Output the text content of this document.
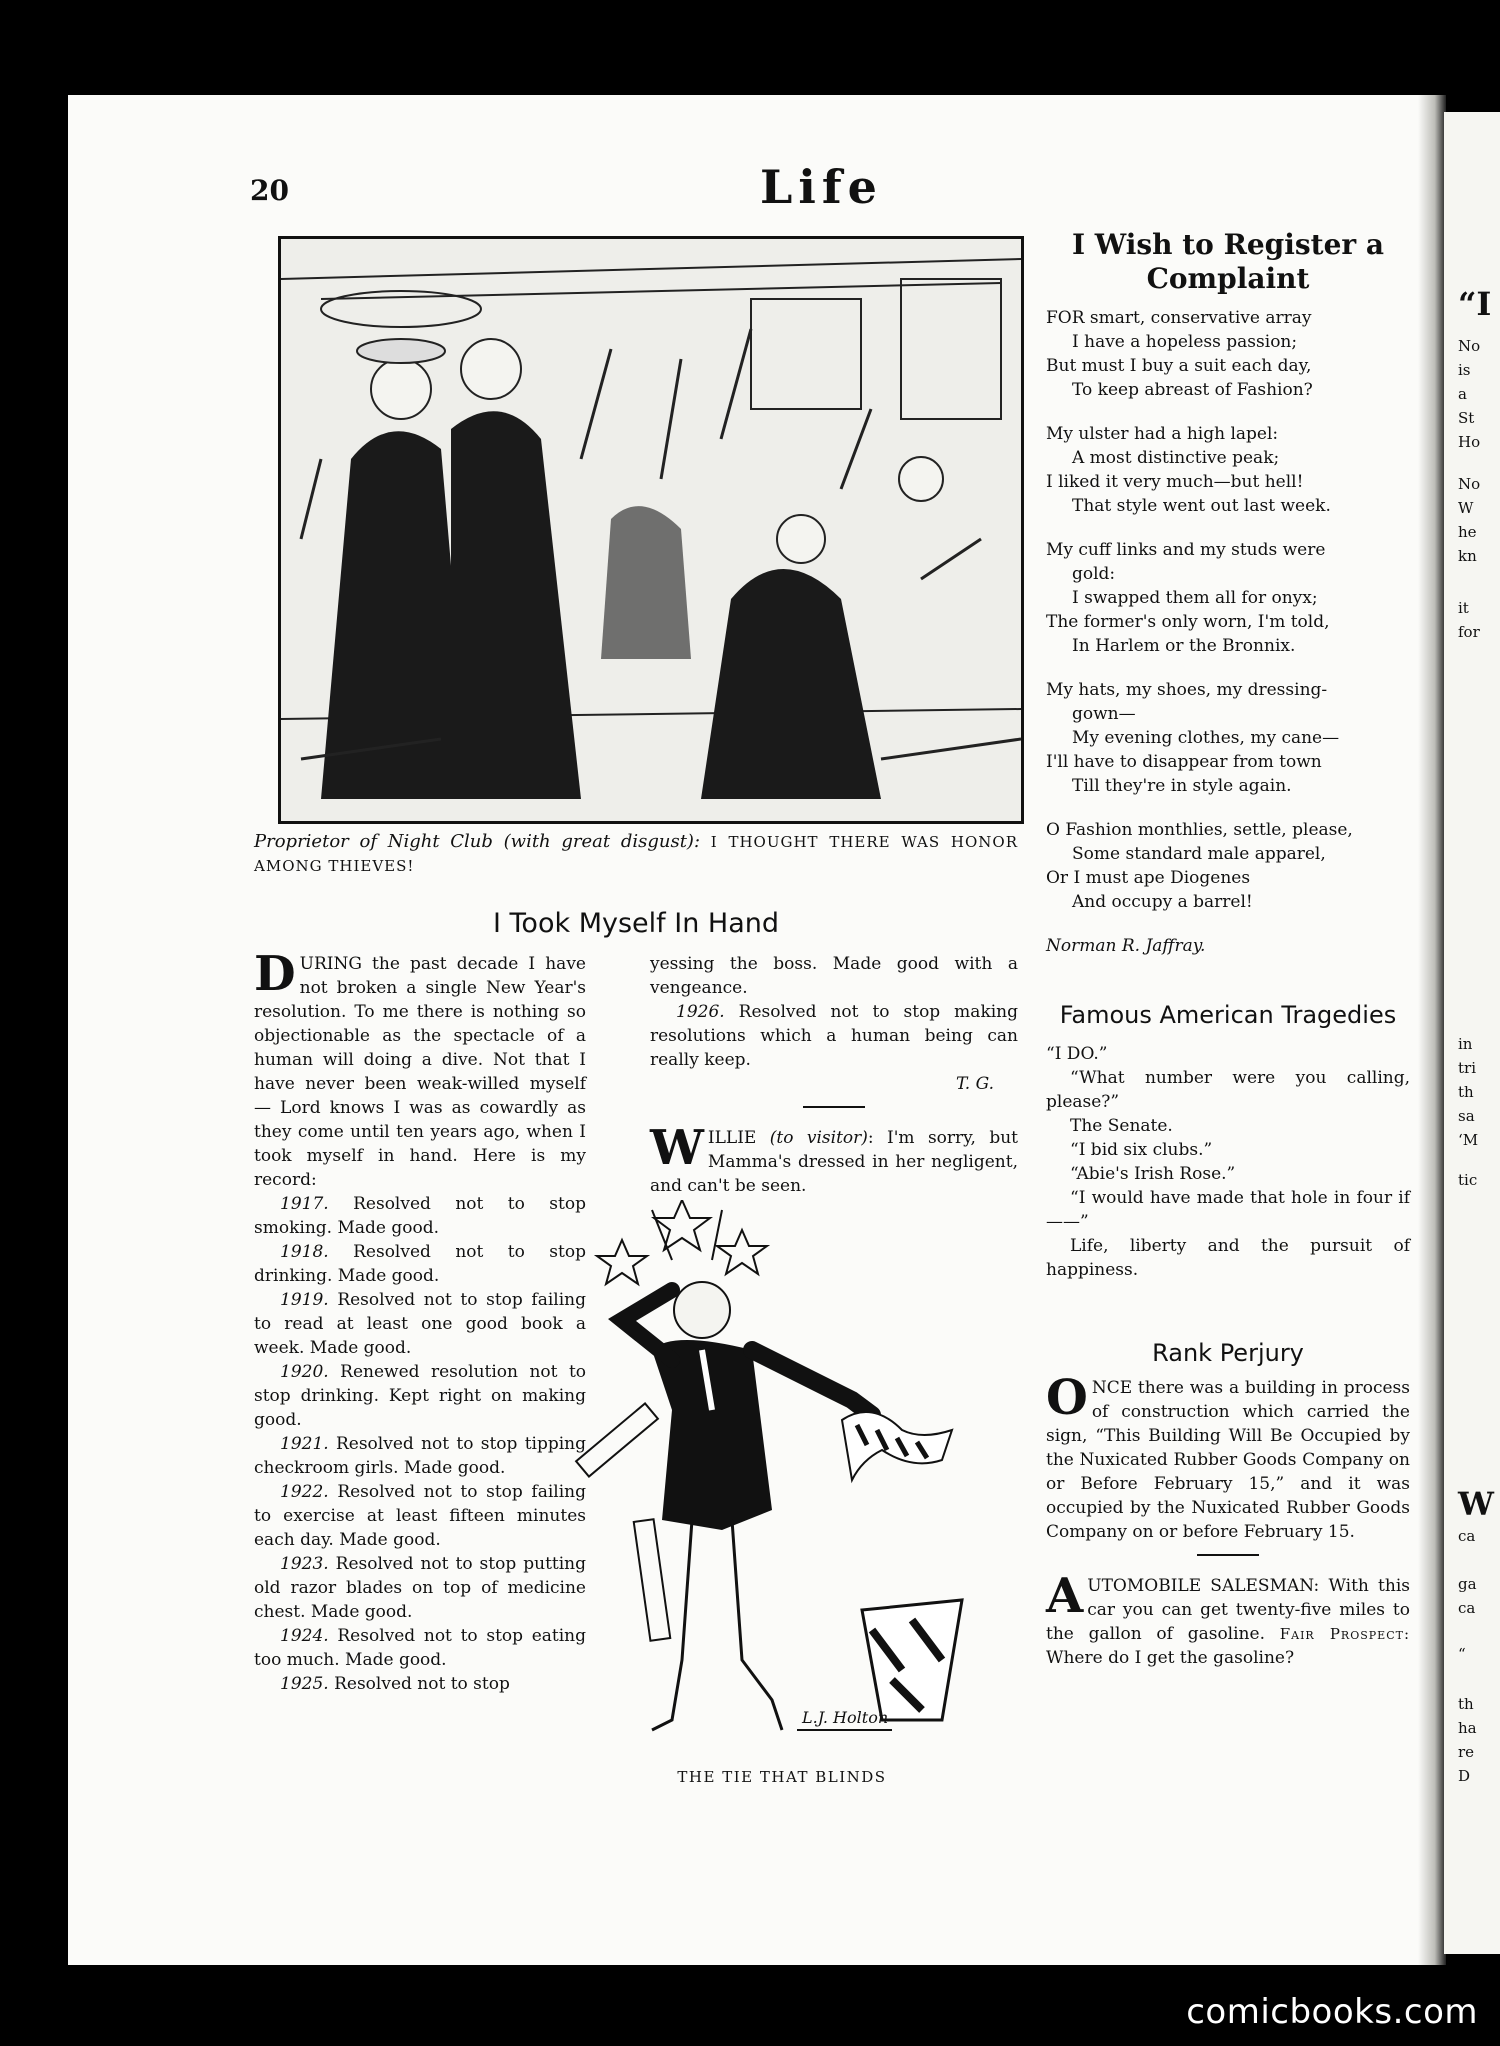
“I
No
is
a
St
Ho
No
W
he
kn
it
for
in
tri
th
sa
‘M
tic
W
ca
ga
ca
“
th
ha
re
D
20	Life
Proprietor of Night Club (with great disgust): I THOUGHT THERE WAS HONOR AMONG THIEVES!
I Took Myself In Hand

D URING the past decade I have not broken a single New Year's resolution. To me there is nothing so objectionable as the spectacle of a human will doing a dive. Not that I have never been weak-willed myself — Lord knows I was as cowardly as they come until ten years ago, when I took myself in hand. Here is my record:

1917. Resolved not to stop smoking. Made good.

1918. Resolved not to stop drinking. Made good.

1919. Resolved not to stop failing to read at least one good book a week. Made good.

1920. Renewed resolution not to stop drinking. Kept right on making good.

1921. Resolved not to stop tipping checkroom girls. Made good.

1922. Resolved not to stop failing to exercise at least fifteen minutes each day. Made good.

1923. Resolved not to stop putting old razor blades on top of medicine chest. Made good.

1924. Resolved not to stop eating too much. Made good.

1925. Resolved not to stop

yessing the boss. Made good with a vengeance.

1926. Resolved not to stop making resolutions which a human being can really keep.

T. G.

W ILLIE (to visitor): I'm sorry, but Mamma's dressed in her negligent, and can't be seen.

L.J. Holton
THE TIE THAT BLINDS
I Wish to Register a Complaint
FOR smart, conservative array
I have a hopeless passion;
But must I buy a suit each day,
To keep abreast of Fashion?
My ulster had a high lapel:
A most distinctive peak;
I liked it very much—but hell!
That style went out last week.
My cuff links and my studs were
gold:
I swapped them all for onyx;
The former's only worn, I'm told,
In Harlem or the Bronnix.
My hats, my shoes, my dressing-
gown—
My evening clothes, my cane—
I'll have to disappear from town
Till they're in style again.
O Fashion monthlies, settle, please,
Some standard male apparel,
Or I must ape Diogenes
And occupy a barrel!
Norman R. Jaffray.
Famous American Tragedies
“I DO.”
“What number were you calling, please?”
The Senate.
“I bid six clubs.”
“Abie's Irish Rose.”
“I would have made that hole in four if——”
Life, liberty and the pursuit of happiness.
Rank Perjury

O NCE there was a building in process of construction which carried the sign, “This Building Will Be Occupied by the Nuxicated Rubber Goods Company on or Before February 15,” and it was occupied by the Nuxicated Rubber Goods Company on or before February 15.

A UTOMOBILE SALESMAN: With this car you can get twenty-five miles to the gallon of gasoline. Fair Prospect: Where do I get the gasoline?

comicbooks.com
